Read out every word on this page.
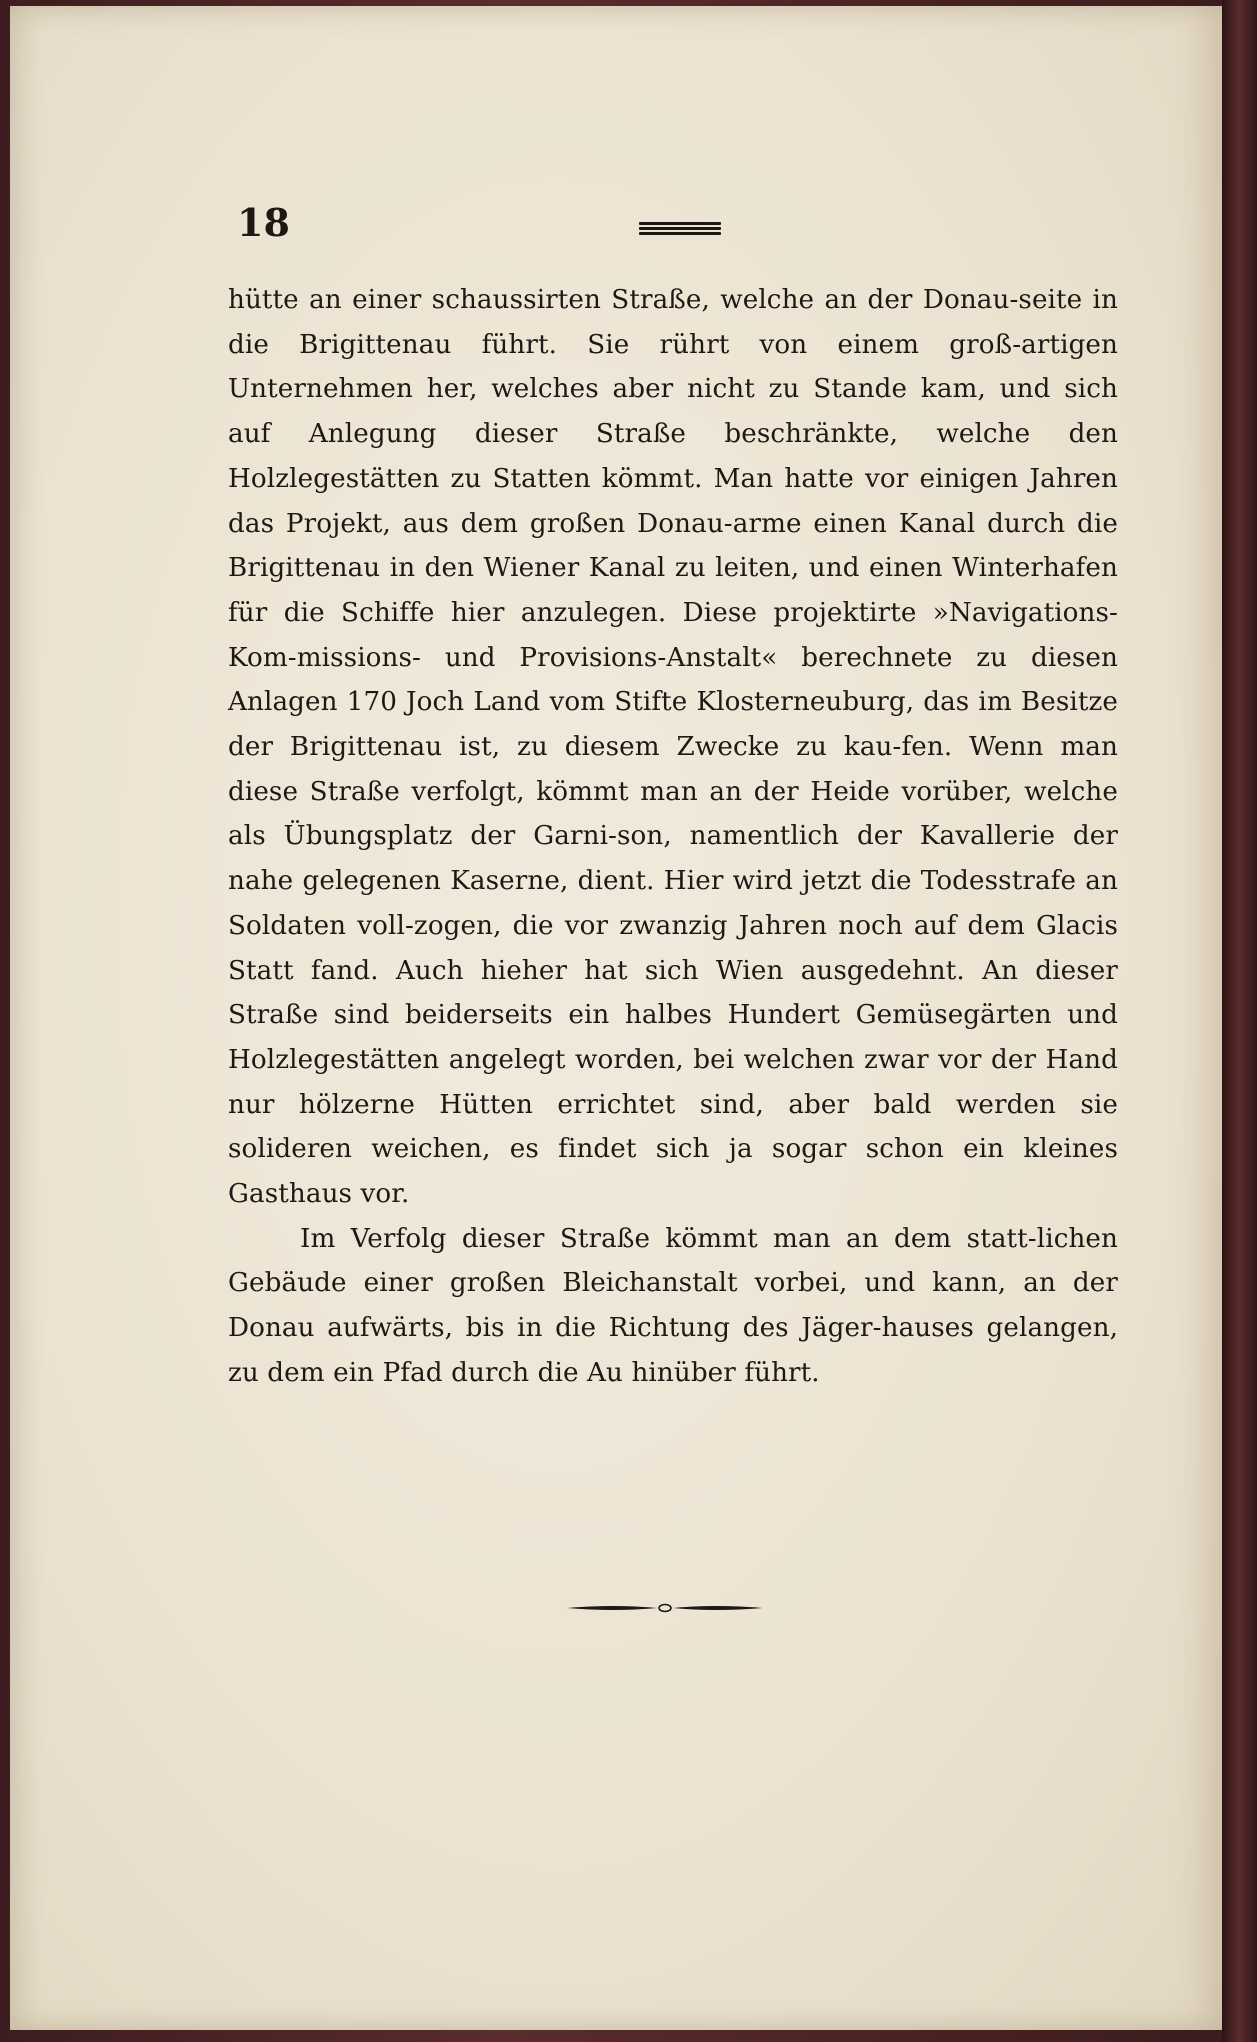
18

hütte an einer schaussirten Straße, welche an der Donau-seite in die Brigittenau führt. Sie rührt von einem groß-artigen Unternehmen her, welches aber nicht zu Stande kam, und sich auf Anlegung dieser Straße beschränkte, welche den Holzlegestätten zu Statten kömmt. Man hatte vor einigen Jahren das Projekt, aus dem großen Donau-arme einen Kanal durch die Brigittenau in den Wiener Kanal zu leiten, und einen Winterhafen für die Schiffe hier anzulegen. Diese projektirte »Navigations-Kom-missions- und Provisions-Anstalt« berechnete zu diesen Anlagen 170 Joch Land vom Stifte Klosterneuburg, das im Besitze der Brigittenau ist, zu diesem Zwecke zu kau-fen. Wenn man diese Straße verfolgt, kömmt man an der Heide vorüber, welche als Übungsplatz der Garni-son, namentlich der Kavallerie der nahe gelegenen Kaserne, dient. Hier wird jetzt die Todesstrafe an Soldaten voll-zogen, die vor zwanzig Jahren noch auf dem Glacis Statt fand. Auch hieher hat sich Wien ausgedehnt. An dieser Straße sind beiderseits ein halbes Hundert Gemüsegärten und Holzlegestätten angelegt worden, bei welchen zwar vor der Hand nur hölzerne Hütten errichtet sind, aber bald werden sie solideren weichen, es findet sich ja sogar schon ein kleines Gasthaus vor.

Im Verfolg dieser Straße kömmt man an dem statt-lichen Gebäude einer großen Bleichanstalt vorbei, und kann, an der Donau aufwärts, bis in die Richtung des Jäger-hauses gelangen, zu dem ein Pfad durch die Au hinüber führt.
